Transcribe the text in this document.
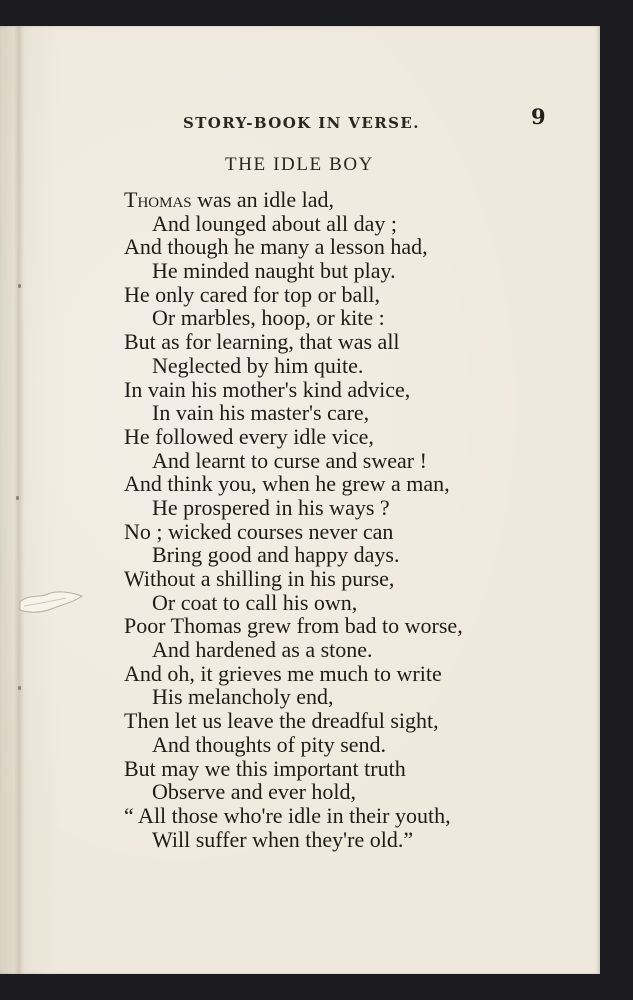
STORY-BOOK IN VERSE.	9
THE IDLE BOY
Thomas was an idle lad,
And lounged about all day ;
And though he many a lesson had,
He minded naught but play.
He only cared for top or ball,
Or marbles, hoop, or kite :
But as for learning, that was all
Neglected by him quite.
In vain his mother's kind advice,
In vain his master's care,
He followed every idle vice,
And learnt to curse and swear !
And think you, when he grew a man,
He prospered in his ways ?
No ; wicked courses never can
Bring good and happy days.
Without a shilling in his purse,
Or coat to call his own,
Poor Thomas grew from bad to worse,
And hardened as a stone.
And oh, it grieves me much to write
His melancholy end,
Then let us leave the dreadful sight,
And thoughts of pity send.
But may we this important truth
Observe and ever hold,
“ All those who're idle in their youth,
Will suffer when they're old.”
